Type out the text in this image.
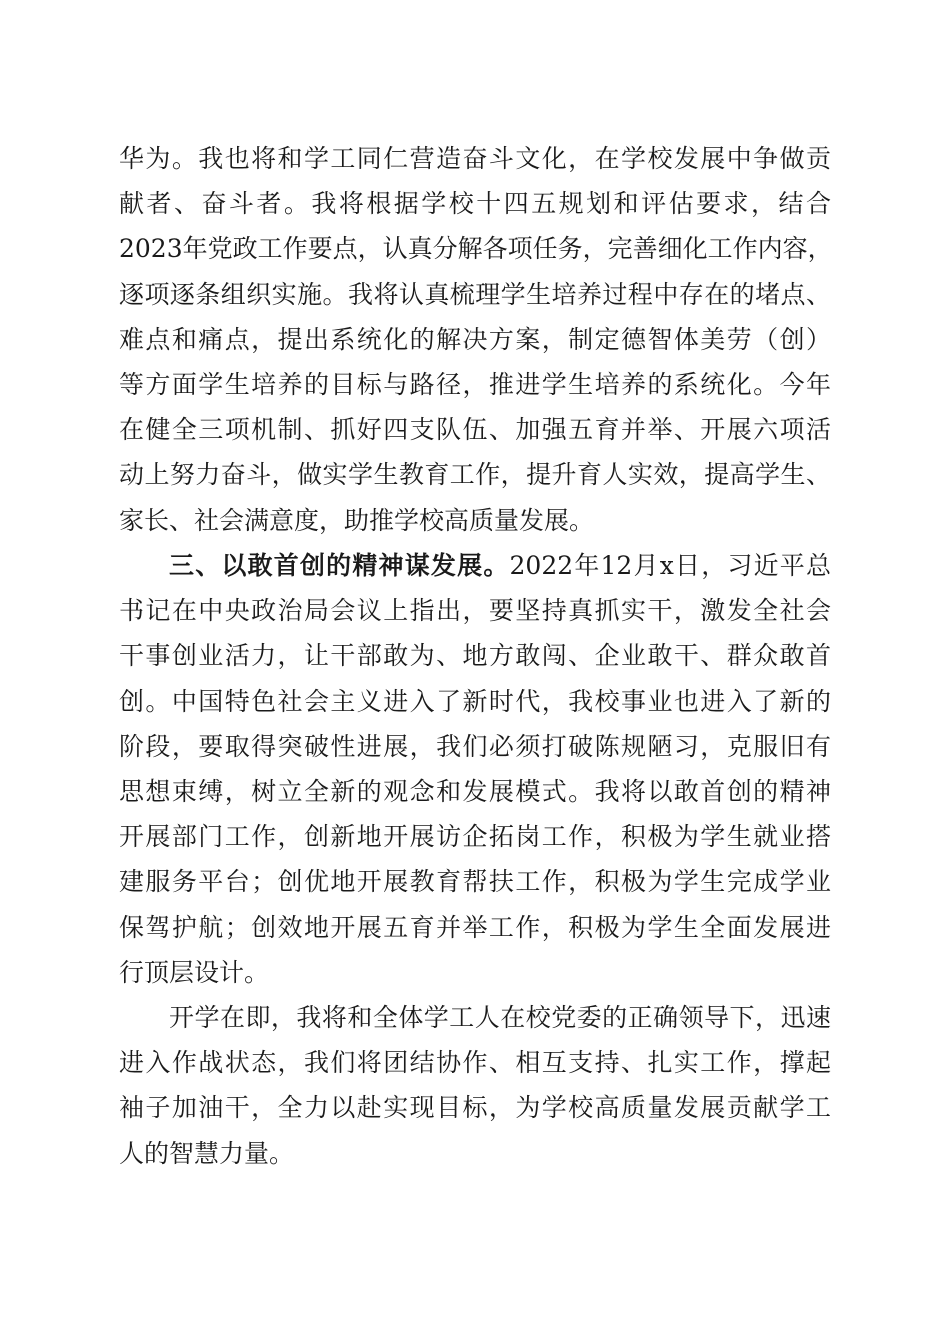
华为。我也将和学工同仁营造奋斗文化，在学校发展中争做贡
献者、奋斗者。我将根据学校十四五规划和评估要求，结合
2023年党政工作要点，认真分解各项任务，完善细化工作内容，
逐项逐条组织实施。我将认真梳理学生培养过程中存在的堵点、
难点和痛点，提出系统化的解决方案，制定德智体美劳（创）
等方面学生培养的目标与路径，推进学生培养的系统化。今年
在健全三项机制、抓好四支队伍、加强五育并举、开展六项活
动上努力奋斗，做实学生教育工作，提升育人实效，提高学生、
家长、社会满意度，助推学校高质量发展。
三、以敢首创的精神谋发展。2022年12月x日，习近平总
书记在中央政治局会议上指出，要坚持真抓实干，激发全社会
干事创业活力，让干部敢为、地方敢闯、企业敢干、群众敢首
创。中国特色社会主义进入了新时代，我校事业也进入了新的
阶段，要取得突破性进展，我们必须打破陈规陋习，克服旧有
思想束缚，树立全新的观念和发展模式。我将以敢首创的精神
开展部门工作，创新地开展访企拓岗工作，积极为学生就业搭
建服务平台；创优地开展教育帮扶工作，积极为学生完成学业
保驾护航；创效地开展五育并举工作，积极为学生全面发展进
行顶层设计。
开学在即，我将和全体学工人在校党委的正确领导下，迅速
进入作战状态，我们将团结协作、相互支持、扎实工作，撑起
袖子加油干，全力以赴实现目标，为学校高质量发展贡献学工
人的智慧力量。
